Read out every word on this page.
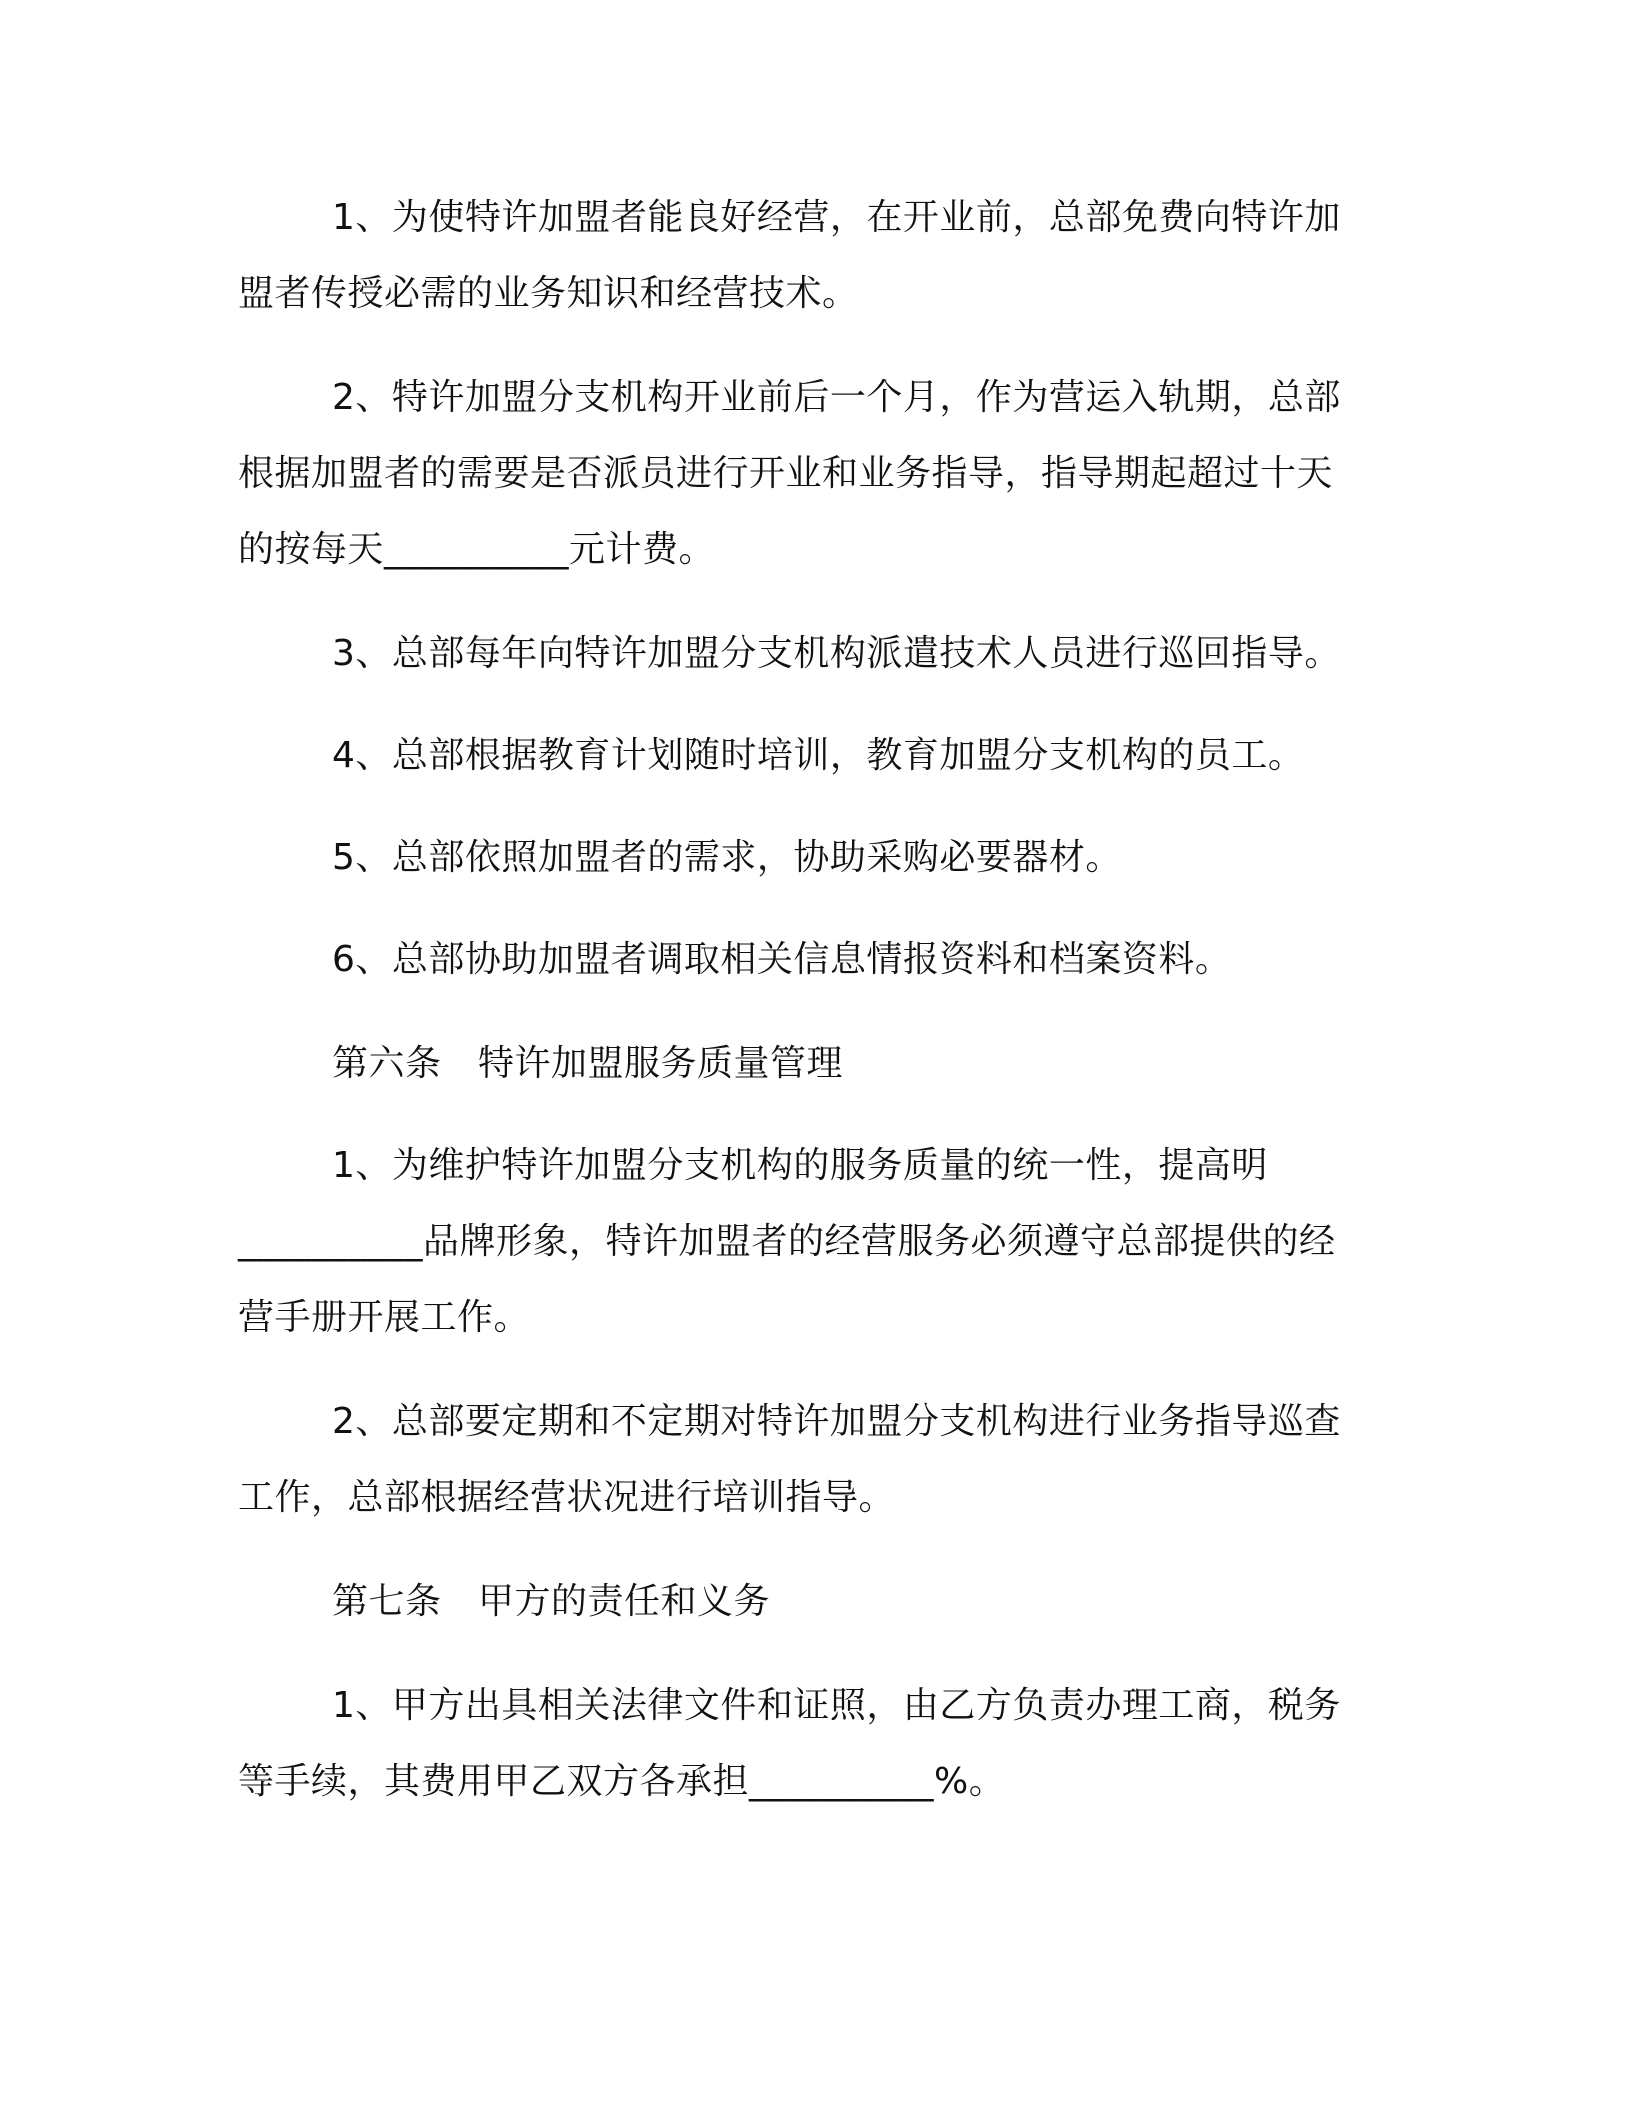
1、为使特许加盟者能良好经营，在开业前，总部免费向特许加
盟者传授必需的业务知识和经营技术。
2、特许加盟分支机构开业前后一个月，作为营运入轨期，总部
根据加盟者的需要是否派员进行开业和业务指导，指导期起超过十天
的按每天__________元计费。
3、总部每年向特许加盟分支机构派遣技术人员进行巡回指导。
4、总部根据教育计划随时培训，教育加盟分支机构的员工。
5、总部依照加盟者的需求，协助采购必要器材。
6、总部协助加盟者调取相关信息情报资料和档案资料。
第六条　特许加盟服务质量管理
1、为维护特许加盟分支机构的服务质量的统一性，提高明
__________品牌形象，特许加盟者的经营服务必须遵守总部提供的经
营手册开展工作。
2、总部要定期和不定期对特许加盟分支机构进行业务指导巡查
工作，总部根据经营状况进行培训指导。
第七条　甲方的责任和义务
1、甲方出具相关法律文件和证照，由乙方负责办理工商，税务
等手续，其费用甲乙双方各承担__________%。
